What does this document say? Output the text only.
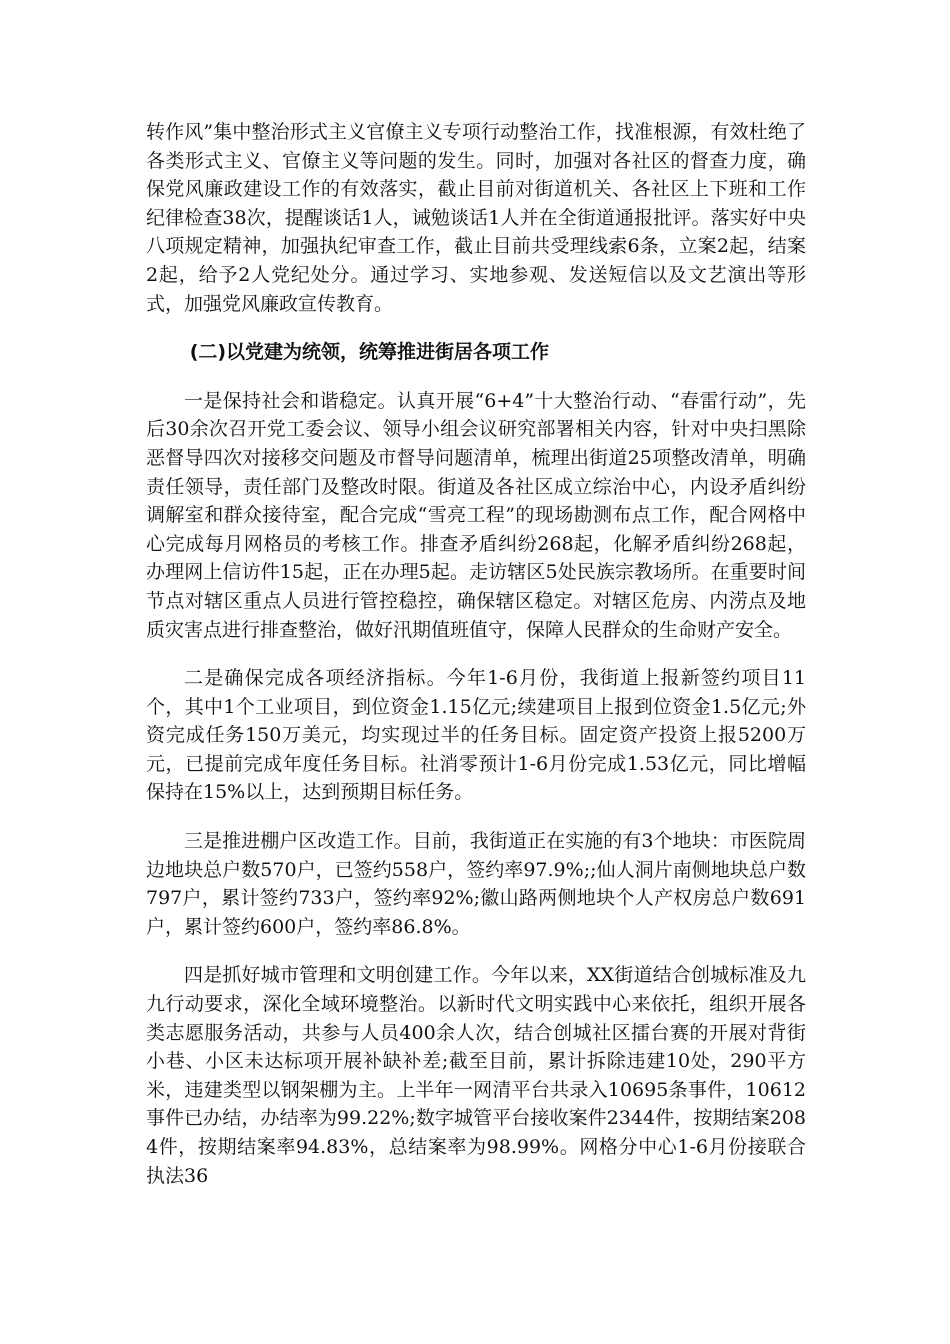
转作风”集中整治形式主义官僚主义专项行动整治工作，找准根源，有效杜绝了各类形式主义、官僚主义等问题的发生。同时，加强对各社区的督查力度，确保党风廉政建设工作的有效落实，截止目前对街道机关、各社区上下班和工作纪律检查38次，提醒谈话1人，诫勉谈话1人并在全街道通报批评。落实好中央八项规定精神，加强执纪审查工作，截止目前共受理线索6条，立案2起，结案2起，给予2人党纪处分。通过学习、实地参观、发送短信以及文艺演出等形式，加强党风廉政宣传教育。

(二)以党建为统领，统筹推进街居各项工作

一是保持社会和谐稳定。认真开展“6+4”十大整治行动、“春雷行动”，先后30余次召开党工委会议、领导小组会议研究部署相关内容，针对中央扫黑除恶督导四次对接移交问题及市督导问题清单，梳理出街道25项整改清单，明确责任领导，责任部门及整改时限。街道及各社区成立综治中心，内设矛盾纠纷调解室和群众接待室，配合完成“雪亮工程”的现场勘测布点工作，配合网格中心完成每月网格员的考核工作。排查矛盾纠纷268起，化解矛盾纠纷268起，办理网上信访件15起，正在办理5起。走访辖区5处民族宗教场所。在重要时间节点对辖区重点人员进行管控稳控，确保辖区稳定。对辖区危房、内涝点及地质灾害点进行排查整治，做好汛期值班值守，保障人民群众的生命财产安全。

二是确保完成各项经济指标。今年1-6月份，我街道上报新签约项目11个，其中1个工业项目，到位资金1.15亿元;续建项目上报到位资金1.5亿元;外资完成任务150万美元，均实现过半的任务目标。固定资产投资上报5200万元，已提前完成年度任务目标。社消零预计1-6月份完成1.53亿元，同比增幅保持在15%以上，达到预期目标任务。

三是推进棚户区改造工作。目前，我街道正在实施的有3个地块：市医院周边地块总户数570户，已签约558户，签约率97.9%;;仙人洞片南侧地块总户数797户，累计签约733户，签约率92%;徽山路两侧地块个人产权房总户数691户，累计签约600户，签约率86.8%。

四是抓好城市管理和文明创建工作。今年以来，XX街道结合创城标准及九九行动要求，深化全域环境整治。以新时代文明实践中心来依托，组织开展各类志愿服务活动，共参与人员400余人次，结合创城社区擂台赛的开展对背街小巷、小区未达标项开展补缺补差;截至目前，累计拆除违建10处，290平方米，违建类型以钢架棚为主。上半年一网清平台共录入10695条事件，10612事件已办结，办结率为99.22%;数字城管平台接收案件2344件，按期结案2084件，按期结案率94.83%，总结案率为98.99%。网格分中心1-6月份接联合执法36
